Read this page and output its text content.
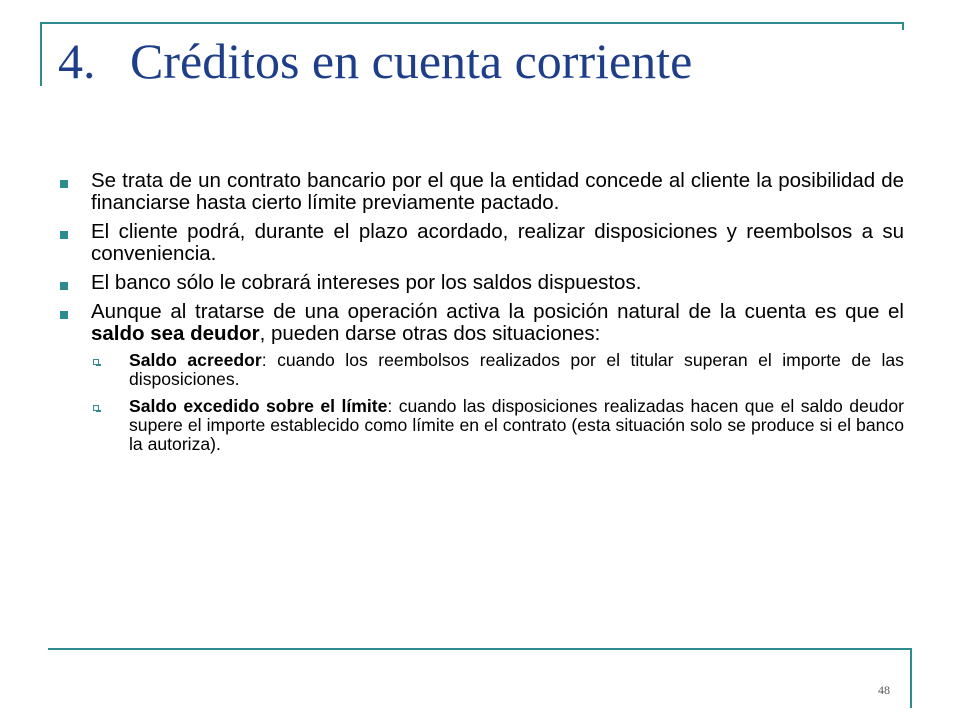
4. Créditos en cuenta corriente
Se trata de un contrato bancario por el que la entidad concede al cliente la posibilidad de financiarse hasta cierto límite previamente pactado.
El cliente podrá, durante el plazo acordado, realizar disposiciones y reembolsos a su conveniencia.
El banco sólo le cobrará intereses por los saldos dispuestos.
Aunque al tratarse de una operación activa la posición natural de la cuenta es que el saldo sea deudor, pueden darse otras dos situaciones:
Saldo acreedor: cuando los reembolsos realizados por el titular superan el importe de las disposiciones.
Saldo excedido sobre el límite: cuando las disposiciones realizadas hacen que el saldo deudor supere el importe establecido como límite en el contrato (esta situación solo se produce si el banco la autoriza).
48
